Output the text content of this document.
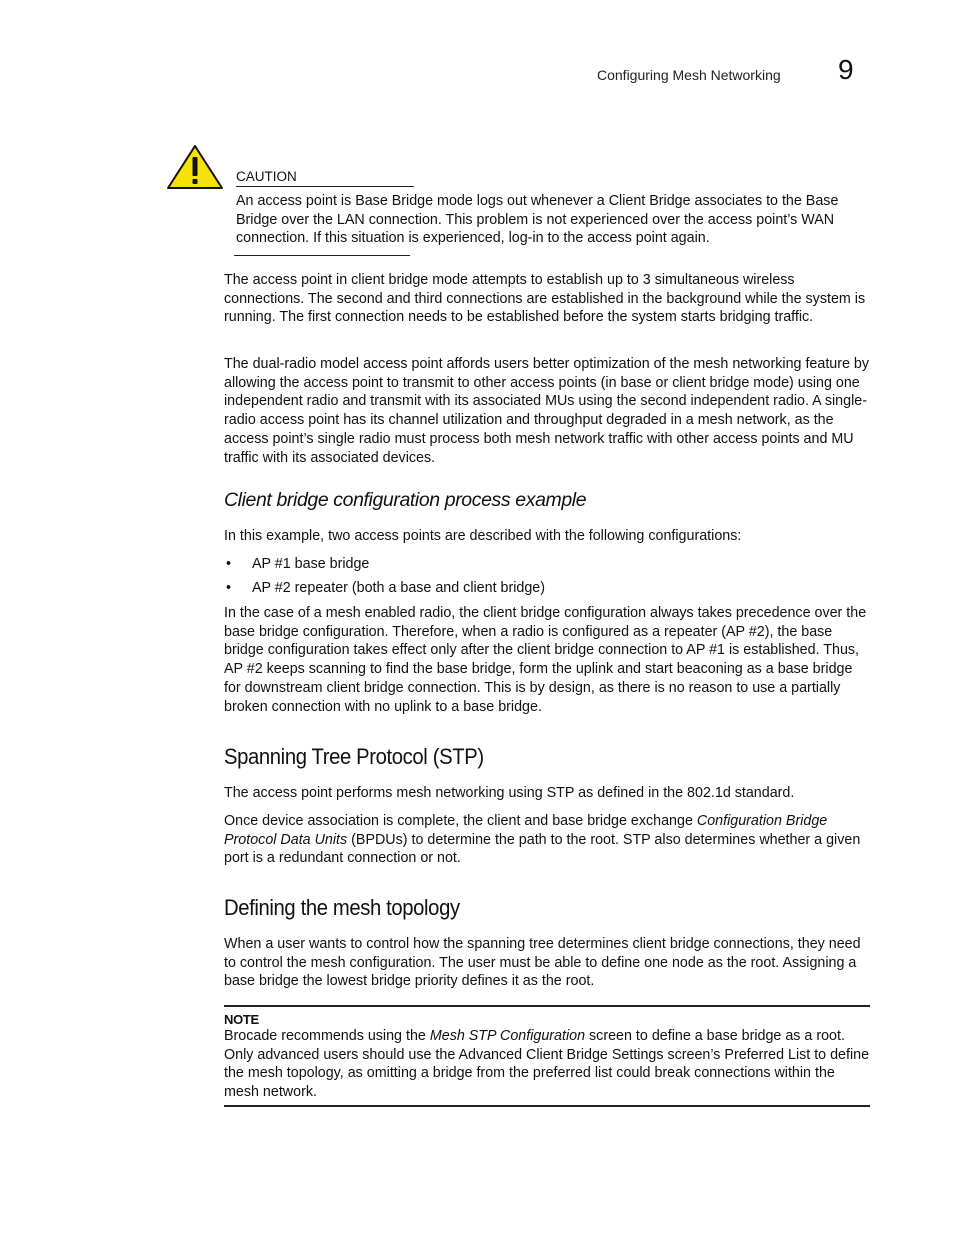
Configuring Mesh Networking 9
CAUTION
An access point is Base Bridge mode logs out whenever a Client Bridge associates to the Base Bridge over the LAN connection. This problem is not experienced over the access point’s WAN connection. If this situation is experienced, log-in to the access point again.

The access point in client bridge mode attempts to establish up to 3 simultaneous wireless connections. The second and third connections are established in the background while the system is running. The first connection needs to be established before the system starts bridging traffic.

The dual-radio model access point affords users better optimization of the mesh networking feature by allowing the access point to transmit to other access points (in base or client bridge mode) using one independent radio and transmit with its associated MUs using the second independent radio. A single-radio access point has its channel utilization and throughput degraded in a mesh network, as the access point’s single radio must process both mesh network traffic with other access points and MU traffic with its associated devices.

Client bridge configuration process example

In this example, two access points are described with the following configurations:

• AP #1 base bridge
• AP #2 repeater (both a base and client bridge)

In the case of a mesh enabled radio, the client bridge configuration always takes precedence over the base bridge configuration. Therefore, when a radio is configured as a repeater (AP #2), the base bridge configuration takes effect only after the client bridge connection to AP #1 is established. Thus, AP #2 keeps scanning to find the base bridge, form the uplink and start beaconing as a base bridge for downstream client bridge connection. This is by design, as there is no reason to use a partially broken connection with no uplink to a base bridge.

Spanning Tree Protocol (STP)

The access point performs mesh networking using STP as defined in the 802.1d standard.

Once device association is complete, the client and base bridge exchange Configuration Bridge Protocol Data Units (BPDUs) to determine the path to the root. STP also determines whether a given port is a redundant connection or not.

Defining the mesh topology

When a user wants to control how the spanning tree determines client bridge connections, they need to control the mesh configuration. The user must be able to define one node as the root. Assigning a base bridge the lowest bridge priority defines it as the root.

NOTE

Brocade recommends using the Mesh STP Configuration screen to define a base bridge as a root. Only advanced users should use the Advanced Client Bridge Settings screen’s Preferred List to define the mesh topology, as omitting a bridge from the preferred list could break connections within the mesh network.
